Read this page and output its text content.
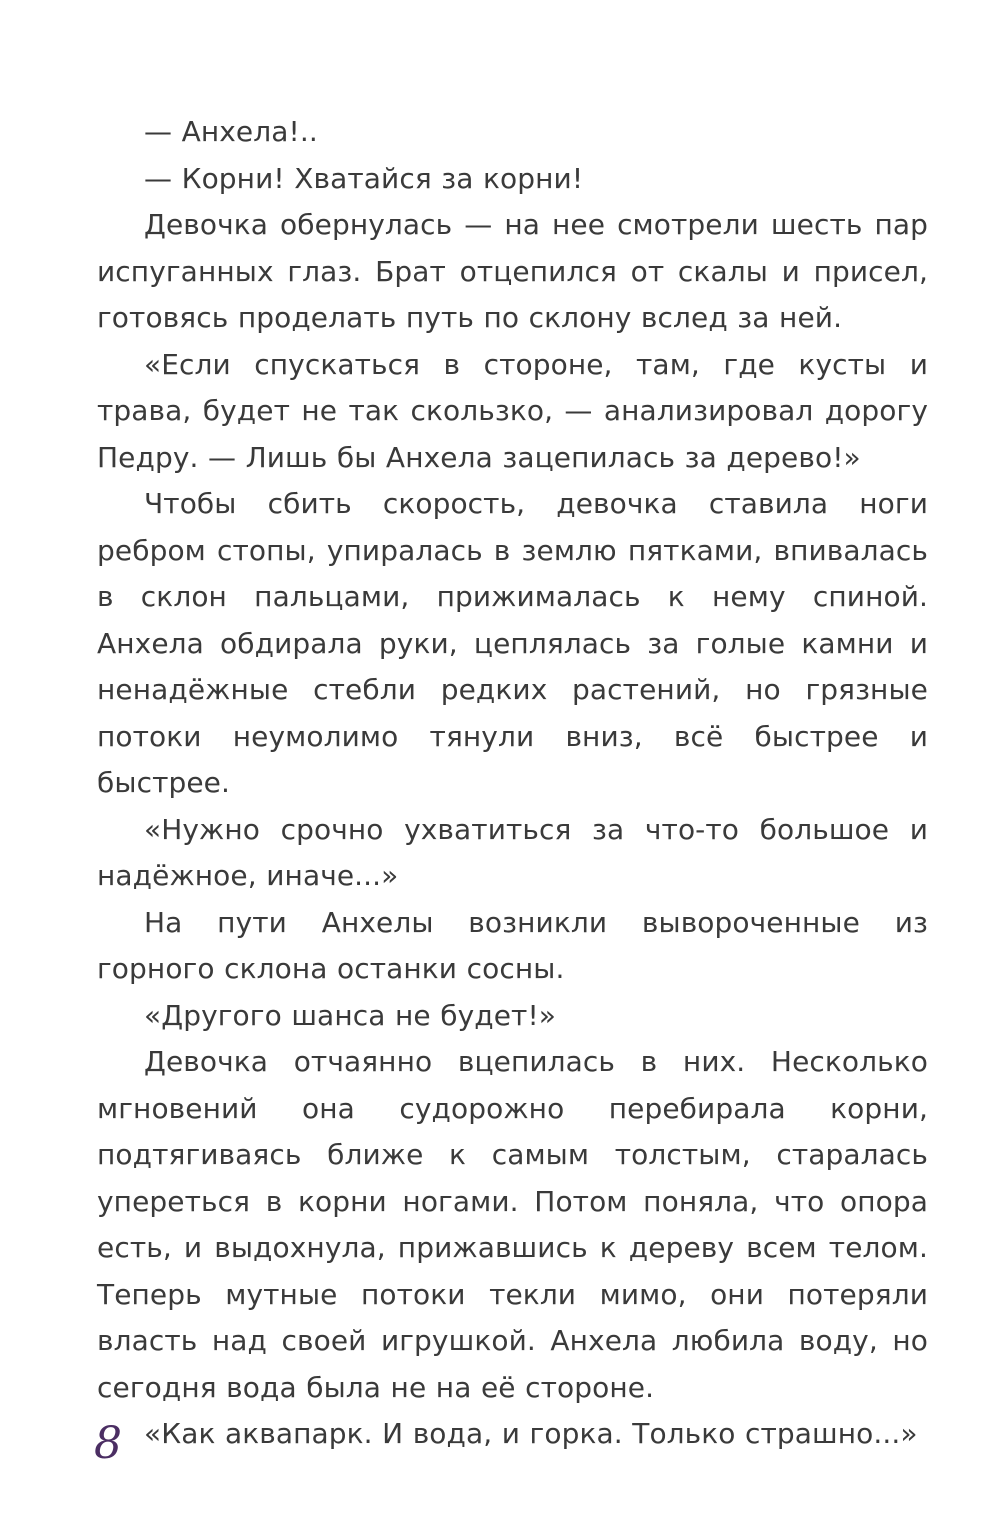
— Анхела!..

— Корни! Хватайся за корни!

Девочка обернулась — на нее смотрели шесть пар испуганных глаз. Брат отцепился от скалы и присел, готовясь проделать путь по склону вслед за ней.

«Если спускаться в стороне, там, где кусты и трава, будет не так скользко, — анализировал дорогу Педру. — Лишь бы Анхела зацепилась за дерево!»

Чтобы сбить скорость, девочка ставила ноги ребром стопы, упиралась в землю пятками, впивалась в склон пальцами, прижималась к нему спиной. Анхела обдирала руки, цеплялась за голые камни и ненадёжные стебли редких растений, но грязные потоки неумолимо тянули вниз, всё быстрее и быстрее.

«Нужно срочно ухватиться за что-то большое и надёжное, иначе...»

На пути Анхелы возникли вывороченные из горного склона останки сосны.

«Другого шанса не будет!»

Девочка отчаянно вцепилась в них. Несколько мгновений она судорожно перебирала корни, подтягиваясь ближе к самым толстым, старалась упереться в корни ногами. Потом поняла, что опора есть, и выдохнула, прижавшись к дереву всем телом. Теперь мутные потоки текли мимо, они потеряли власть над своей игрушкой. Анхела любила воду, но сегодня вода была не на её стороне.

«Как аквапарк. И вода, и горка. Только страшно...»

8
